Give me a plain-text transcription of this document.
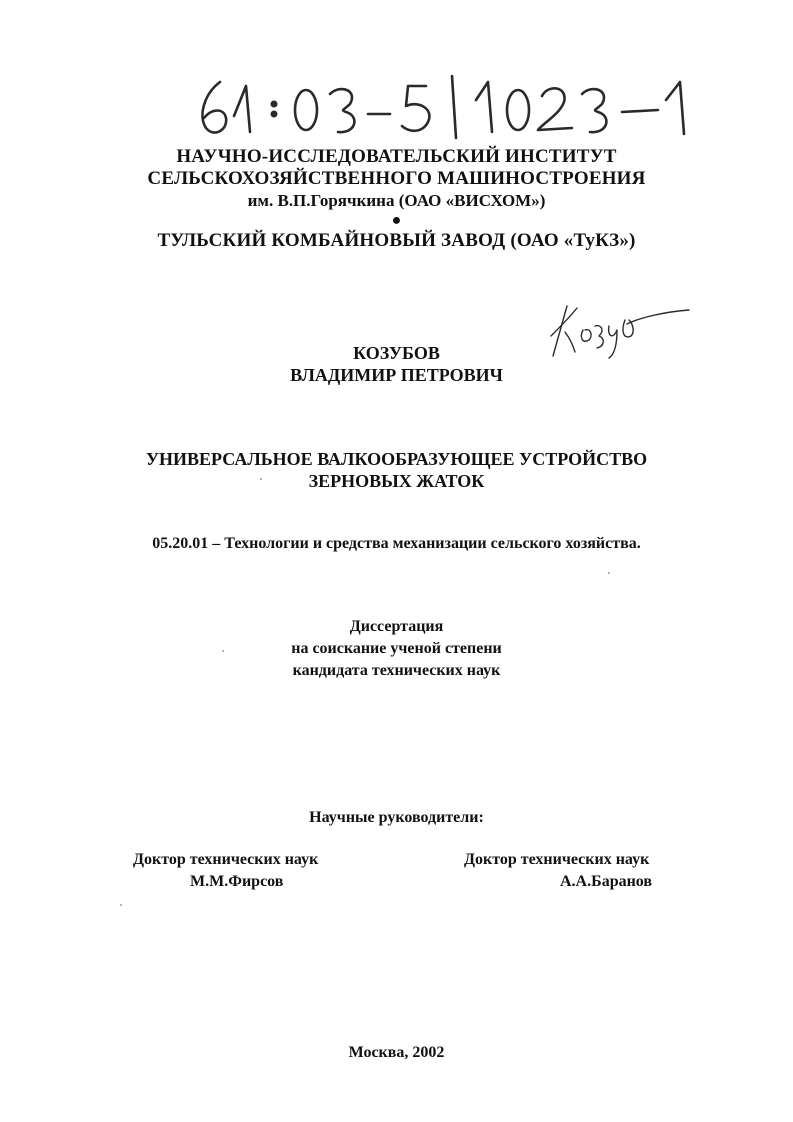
НАУЧНО-ИССЛЕДОВАТЕЛЬСКИЙ ИНСТИТУТ
СЕЛЬСКОХОЗЯЙСТВЕННОГО МАШИНОСТРОЕНИЯ
им. В.П.Горячкина (ОАО «ВИСХОМ»)
●
ТУЛЬСКИЙ КОМБАЙНОВЫЙ ЗАВОД (ОАО «ТуКЗ»)
КОЗУБОВ
ВЛАДИМИР ПЕТРОВИЧ
УНИВЕРСАЛЬНОЕ ВАЛКООБРАЗУЮЩЕЕ УСТРОЙСТВО
ЗЕРНОВЫХ ЖАТОК
05.20.01 – Технологии и средства механизации сельского хозяйства.
Диссертация
на соискание ученой степени
кандидата технических наук
Научные руководители:
Доктор технических наук
М.М.Фирсов
Доктор технических наук
А.А.Баранов
Москва, 2002
